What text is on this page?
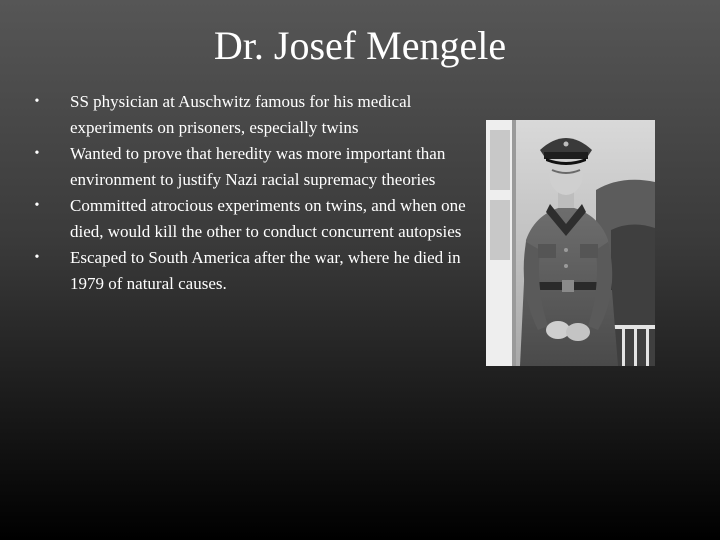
Dr. Josef Mengele
• SS physician at Auschwitz famous for his medical experiments on prisoners, especially twins
• Wanted to prove that heredity was more important than environment to justify Nazi racial supremacy theories
• Committed atrocious experiments on twins, and when one died, would kill the other to conduct concurrent autopsies
• Escaped to South America after the war, where he died in 1979 of natural causes.
